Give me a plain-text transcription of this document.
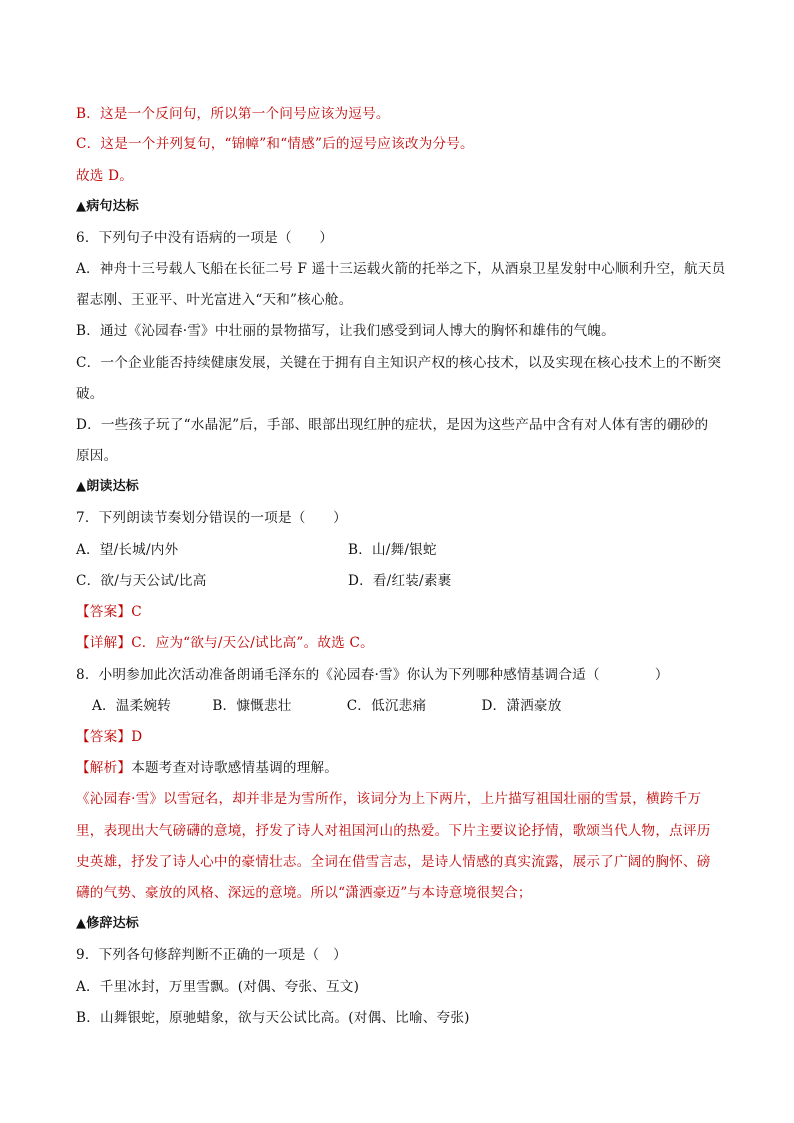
B．这是一个反问句，所以第一个问号应该为逗号。
C．这是一个并列复句，“锦幛”和“情感”后的逗号应该改为分号。
故选 D。
▲病句达标
6．下列句子中没有语病的一项是（　　）
A．神舟十三号载人飞船在长征二号 F 遥十三运载火箭的托举之下，从酒泉卫星发射中心顺利升空，航天员
翟志刚、王亚平、叶光富进入“天和”核心舱。
B．通过《沁园春·雪》中壮丽的景物描写，让我们感受到词人博大的胸怀和雄伟的气魄。
C．一个企业能否持续健康发展，关键在于拥有自主知识产权的核心技术，以及实现在核心技术上的不断突
破。
D．一些孩子玩了“水晶泥”后，手部、眼部出现红肿的症状，是因为这些产品中含有对人体有害的硼砂的
原因。
▲朗读达标
7．下列朗读节奏划分错误的一项是（　　）
A．望/长城/内外	B．山/舞/银蛇
C．欲/与天公试/比高	D．看/红装/素裹
【答案】C
【详解】C．应为“欲与/天公/试比高”。故选 C。
8．小明参加此次活动准备朗诵毛泽东的《沁园春·雪》你认为下列哪种感情基调合适（　　　　）
A．温柔婉转　　　B．慷慨悲壮　　　　C．低沉悲痛　　　　D．潇洒豪放
【答案】D
【解析】本题考查对诗歌感情基调的理解。
《沁园春·雪》以雪冠名，却并非是为雪所作，该词分为上下两片，上片描写祖国壮丽的雪景，横跨千万
里，表现出大气磅礴的意境，抒发了诗人对祖国河山的热爱。下片主要议论抒情，歌颂当代人物，点评历
史英雄，抒发了诗人心中的豪情壮志。全词在借雪言志，是诗人情感的真实流露，展示了广阔的胸怀、磅
礴的气势、豪放的风格、深远的意境。所以“潇洒豪迈”与本诗意境很契合；
▲修辞达标
9．下列各句修辞判断不正确的一项是（　）
A．千里冰封，万里雪飘。(对偶、夸张、互文)
B．山舞银蛇，原驰蜡象，欲与天公试比高。(对偶、比喻、夸张)
